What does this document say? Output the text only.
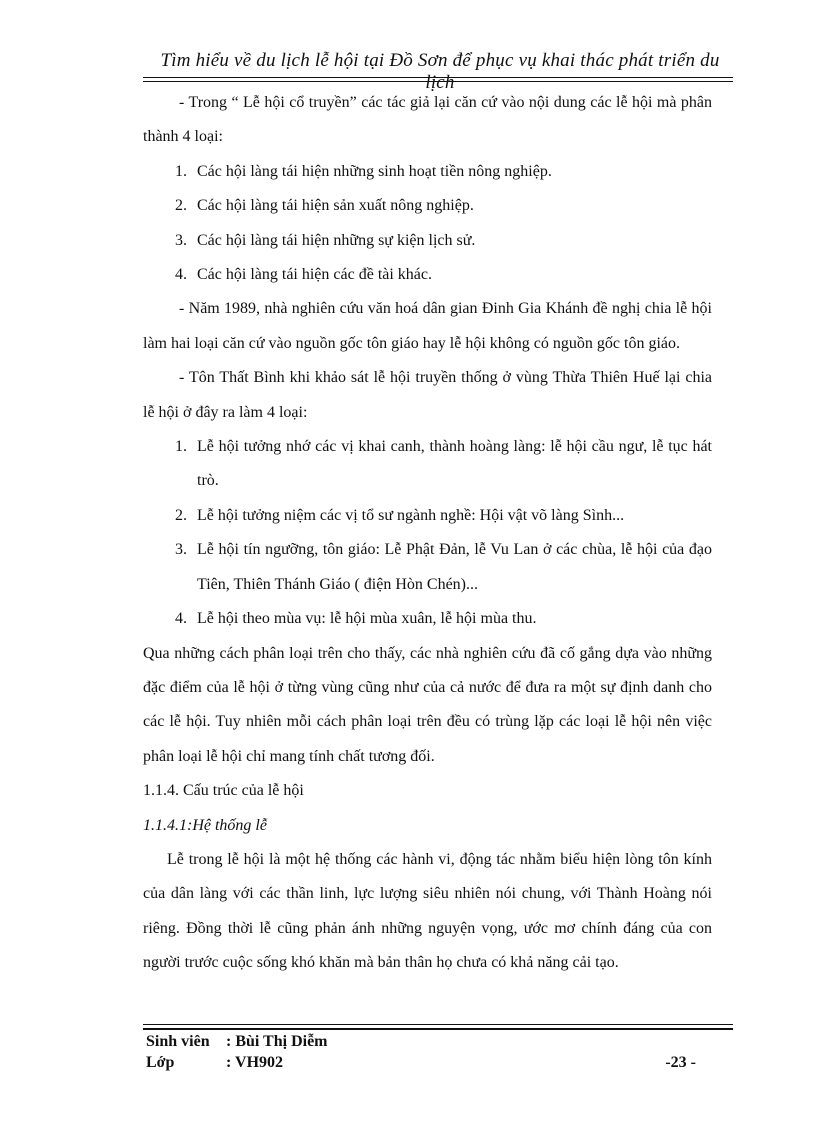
Tìm hiểu về du lịch lễ hội tại Đồ Sơn để phục vụ khai thác phát triển du lịch

- Trong “ Lễ hội cổ truyền” các tác giả lại căn cứ vào nội dung các lễ hội mà phân thành 4 loại:

1. Các hội làng tái hiện những sinh hoạt tiền nông nghiệp.
2. Các hội làng tái hiện sản xuất nông nghiệp.
3. Các hội làng tái hiện những sự kiện lịch sử.
4. Các hội làng tái hiện các đề tài khác.

- Năm 1989, nhà nghiên cứu văn hoá dân gian Đinh Gia Khánh đề nghị chia lễ hội làm hai loại căn cứ vào nguồn gốc tôn giáo hay lễ hội không có nguồn gốc tôn giáo.

- Tôn Thất Bình khi khảo sát lễ hội truyền thống ở vùng Thừa Thiên Huế lại chia lễ hội ở đây ra làm 4 loại:

1. Lễ hội tưởng nhớ các vị khai canh, thành hoàng làng: lễ hội cầu ngư, lễ tục hát trò.
2. Lễ hội tưởng niệm các vị tổ sư ngành nghề: Hội vật võ làng Sình...
3. Lễ hội tín ngưỡng, tôn giáo: Lễ Phật Đản, lễ Vu Lan ở các chùa, lễ hội của đạo Tiên, Thiên Thánh Giáo ( điện Hòn Chén)...
4. Lễ hội theo mùa vụ: lễ hội mùa xuân, lễ hội mùa thu.

Qua những cách phân loại trên cho thấy, các nhà nghiên cứu đã cố gắng dựa vào những đặc điểm của lễ hội ở từng vùng cũng như của cả nước để đưa ra một sự định danh cho các lễ hội. Tuy nhiên mỗi cách phân loại trên đều có trùng lặp các loại lễ hội nên việc phân loại lễ hội chỉ mang tính chất tương đối.

1.1.4. Cấu trúc của lễ hội

1.1.4.1:Hệ thống lễ

Lễ trong lễ hội là một hệ thống các hành vi, động tác nhằm biểu hiện lòng tôn kính của dân làng với các thần linh, lực lượng siêu nhiên nói chung, với Thành Hoàng nói riêng. Đồng thời lễ cũng phản ánh những nguyện vọng, ước mơ chính đáng của con người trước cuộc sống khó khăn mà bản thân họ chưa có khả năng cải tạo.

Sinh viên	: Bùi Thị Diễm
Lớp	: VH902	-23 -
